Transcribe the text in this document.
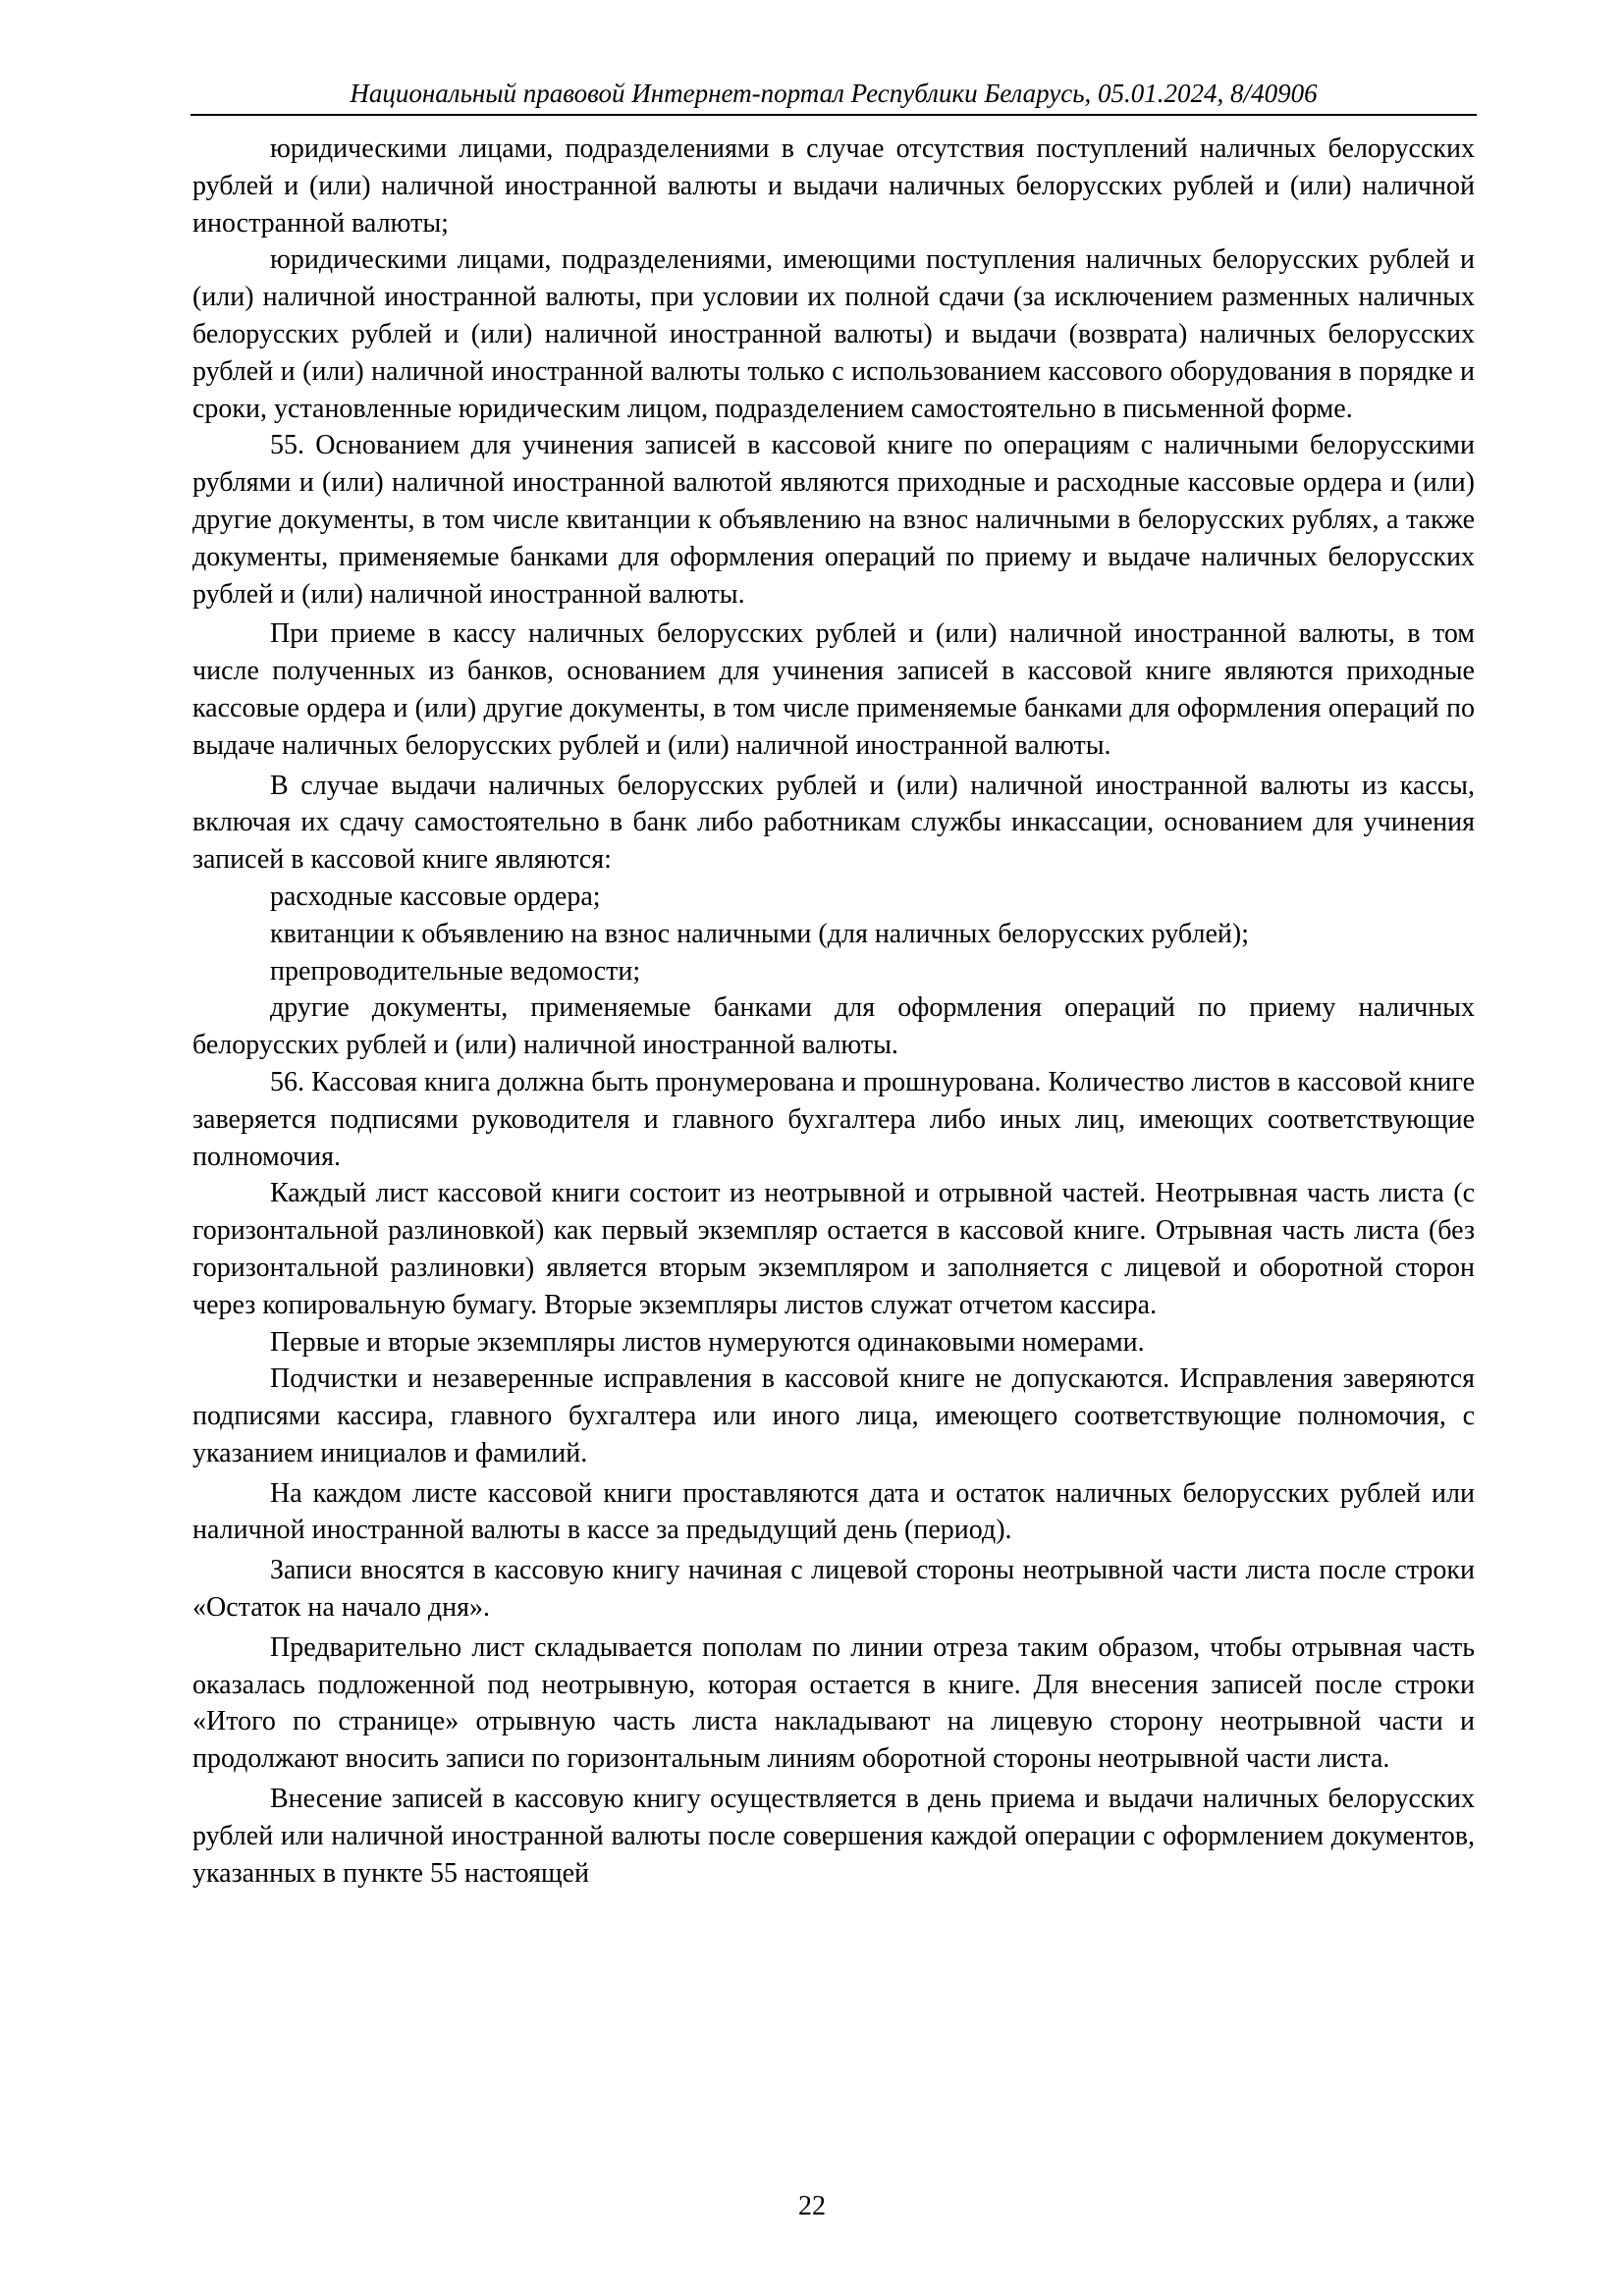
Национальный правовой Интернет-портал Республики Беларусь, 05.01.2024, 8/40906

юридическими лицами, подразделениями в случае отсутствия поступлений наличных белорусских рублей и (или) наличной иностранной валюты и выдачи наличных белорусских рублей и (или) наличной иностранной валюты;

юридическими лицами, подразделениями, имеющими поступления наличных белорусских рублей и (или) наличной иностранной валюты, при условии их полной сдачи (за исключением разменных наличных белорусских рублей и (или) наличной иностранной валюты) и выдачи (возврата) наличных белорусских рублей и (или) наличной иностранной валюты только с использованием кассового оборудования в порядке и сроки, установленные юридическим лицом, подразделением самостоятельно в письменной форме.

55. Основанием для учинения записей в кассовой книге по операциям с наличными белорусскими рублями и (или) наличной иностранной валютой являются приходные и расходные кассовые ордера и (или) другие документы, в том числе квитанции к объявлению на взнос наличными в белорусских рублях, а также документы, применяемые банками для оформления операций по приему и выдаче наличных белорусских рублей и (или) наличной иностранной валюты.

При приеме в кассу наличных белорусских рублей и (или) наличной иностранной валюты, в том числе полученных из банков, основанием для учинения записей в кассовой книге являются приходные кассовые ордера и (или) другие документы, в том числе применяемые банками для оформления операций по выдаче наличных белорусских рублей и (или) наличной иностранной валюты.

В случае выдачи наличных белорусских рублей и (или) наличной иностранной валюты из кассы, включая их сдачу самостоятельно в банк либо работникам службы инкассации, основанием для учинения записей в кассовой книге являются:

расходные кассовые ордера;

квитанции к объявлению на взнос наличными (для наличных белорусских рублей);

препроводительные ведомости;

другие документы, применяемые банками для оформления операций по приему наличных белорусских рублей и (или) наличной иностранной валюты.

56. Кассовая книга должна быть пронумерована и прошнурована. Количество листов в кассовой книге заверяется подписями руководителя и главного бухгалтера либо иных лиц, имеющих соответствующие полномочия.

Каждый лист кассовой книги состоит из неотрывной и отрывной частей. Неотрывная часть листа (с горизонтальной разлиновкой) как первый экземпляр остается в кассовой книге. Отрывная часть листа (без горизонтальной разлиновки) является вторым экземпляром и заполняется с лицевой и оборотной сторон через копировальную бумагу. Вторые экземпляры листов служат отчетом кассира.

Первые и вторые экземпляры листов нумеруются одинаковыми номерами.

Подчистки и незаверенные исправления в кассовой книге не допускаются. Исправления заверяются подписями кассира, главного бухгалтера или иного лица, имеющего соответствующие полномочия, с указанием инициалов и фамилий.

На каждом листе кассовой книги проставляются дата и остаток наличных белорусских рублей или наличной иностранной валюты в кассе за предыдущий день (период).

Записи вносятся в кассовую книгу начиная с лицевой стороны неотрывной части листа после строки «Остаток на начало дня».

Предварительно лист складывается пополам по линии отреза таким образом, чтобы отрывная часть оказалась подложенной под неотрывную, которая остается в книге. Для внесения записей после строки «Итого по странице» отрывную часть листа накладывают на лицевую сторону неотрывной части и продолжают вносить записи по горизонтальным линиям оборотной стороны неотрывной части листа.

Внесение записей в кассовую книгу осуществляется в день приема и выдачи наличных белорусских рублей или наличной иностранной валюты после совершения каждой операции с оформлением документов, указанных в пункте 55 настоящей

22
